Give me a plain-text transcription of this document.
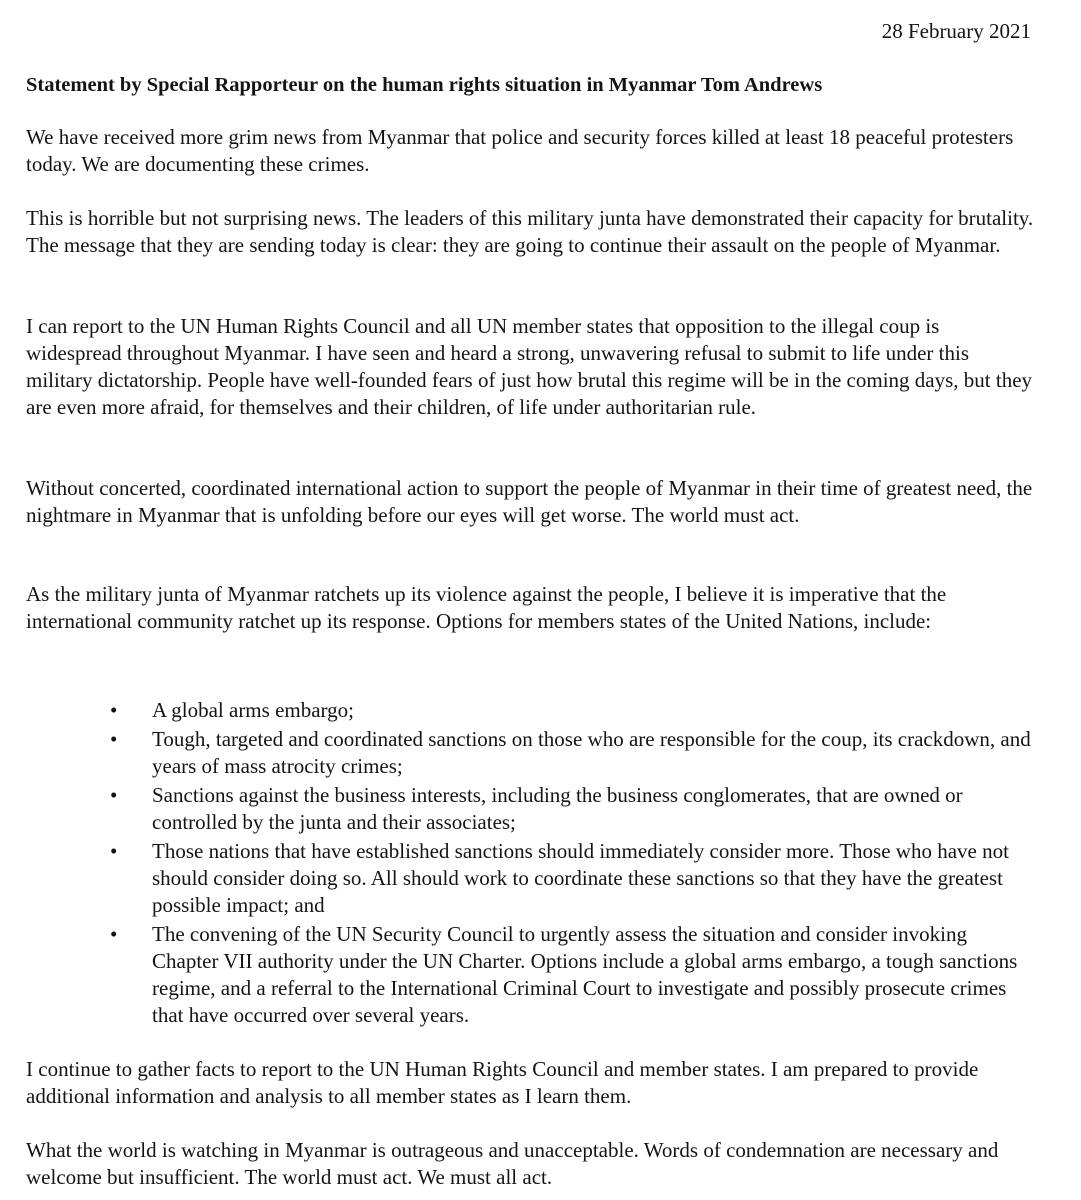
28 February 2021
Statement by Special Rapporteur on the human rights situation in Myanmar Tom Andrews

We have received more grim news from Myanmar that police and security forces killed at least 18 peaceful protesters today. We are documenting these crimes.

This is horrible but not surprising news. The leaders of this military junta have demonstrated their capacity for brutality. The message that they are sending today is clear: they are going to continue their assault on the people of Myanmar.

I can report to the UN Human Rights Council and all UN member states that opposition to the illegal coup is widespread throughout Myanmar. I have seen and heard a strong, unwavering refusal to submit to life under this military dictatorship. People have well-founded fears of just how brutal this regime will be in the coming days, but they are even more afraid, for themselves and their children, of life under authoritarian rule.

Without concerted, coordinated international action to support the people of Myanmar in their time of greatest need, the nightmare in Myanmar that is unfolding before our eyes will get worse. The world must act.

As the military junta of Myanmar ratchets up its violence against the people, I believe it is imperative that the international community ratchet up its response. Options for members states of the United Nations, include:

• A global arms embargo;
• Tough, targeted and coordinated sanctions on those who are responsible for the coup, its crackdown, and years of mass atrocity crimes;
• Sanctions against the business interests, including the business conglomerates, that are owned or controlled by the junta and their associates;
• Those nations that have established sanctions should immediately consider more. Those who have not should consider doing so. All should work to coordinate these sanctions so that they have the greatest possible impact; and
• The convening of the UN Security Council to urgently assess the situation and consider invoking Chapter VII authority under the UN Charter. Options include a global arms embargo, a tough sanctions regime, and a referral to the International Criminal Court to investigate and possibly prosecute crimes that have occurred over several years.

I continue to gather facts to report to the UN Human Rights Council and member states. I am prepared to provide additional information and analysis to all member states as I learn them.

What the world is watching in Myanmar is outrageous and unacceptable. Words of condemnation are necessary and welcome but insufficient. The world must act. We must all act.
